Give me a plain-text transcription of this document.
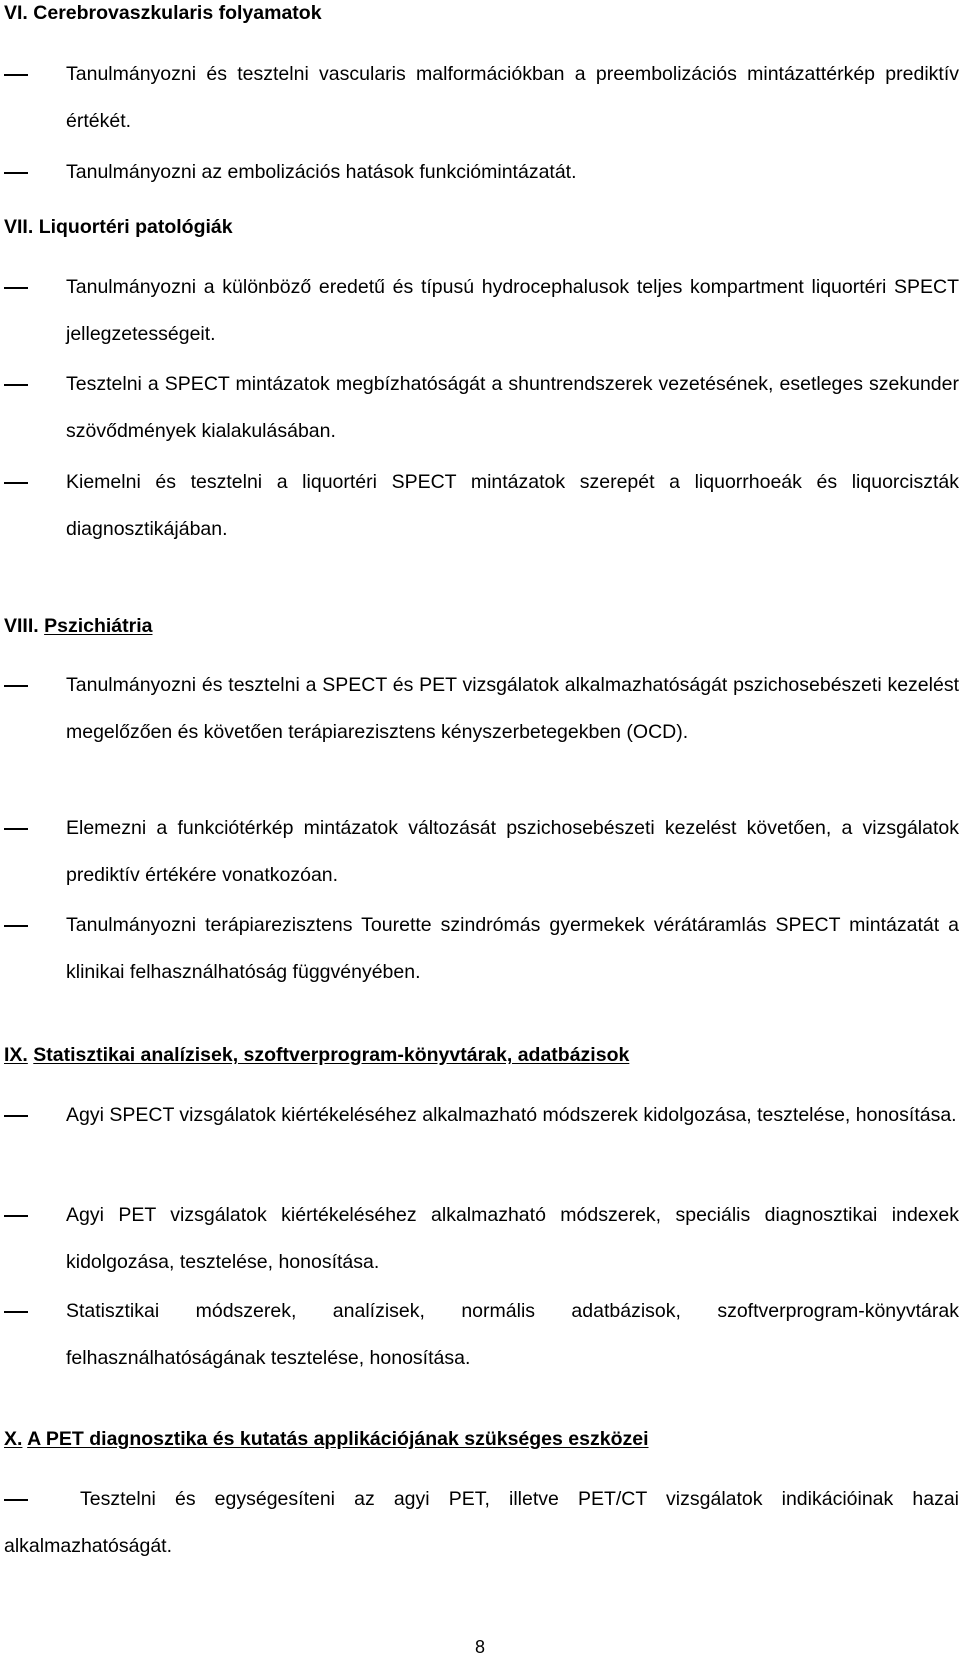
VI. Cerebrovaszkularis folyamatok
Tanulmányozni és tesztelni vascularis malformációkban a preembolizációs mintázattérkép prediktív értékét.
Tanulmányozni az embolizációs hatások funkciómintázatát.
VII. Liquortéri patológiák
Tanulmányozni a különböző eredetű és típusú hydrocephalusok teljes kompartment liquortéri SPECT jellegzetességeit.
Tesztelni a SPECT mintázatok megbízhatóságát a shuntrendszerek vezetésének, esetleges szekunder szövődmények kialakulásában.
Kiemelni és tesztelni a liquortéri SPECT mintázatok szerepét a liquorrhoeák és liquorciszták diagnosztikájában.
VIII. Pszichiátria
Tanulmányozni és tesztelni a SPECT és PET vizsgálatok alkalmazhatóságát pszichosebészeti kezelést megelőzően és követően terápiarezisztens kényszerbetegekben (OCD).
Elemezni a funkciótérkép mintázatok változását pszichosebészeti kezelést követően, a vizsgálatok prediktív értékére vonatkozóan.
Tanulmányozni terápiarezisztens Tourette szindrómás gyermekek vérátáramlás SPECT mintázatát a klinikai felhasználhatóság függvényében.
IX. Statisztikai analízisek, szoftverprogram-könyvtárak, adatbázisok
Agyi SPECT vizsgálatok kiértékeléséhez alkalmazható módszerek kidolgozása, tesztelése, honosítása.
Agyi PET vizsgálatok kiértékeléséhez alkalmazható módszerek, speciális diagnosztikai indexek kidolgozása, tesztelése, honosítása.
Statisztikai módszerek, analízisek, normális adatbázisok, szoftverprogram-könyvtárak felhasználhatóságának tesztelése, honosítása.
X. A PET diagnosztika és kutatás applikációjának szükséges eszközei
Tesztelni és egységesíteni az agyi PET, illetve PET/CT vizsgálatok indikációinak hazai alkalmazhatóságát.
8
